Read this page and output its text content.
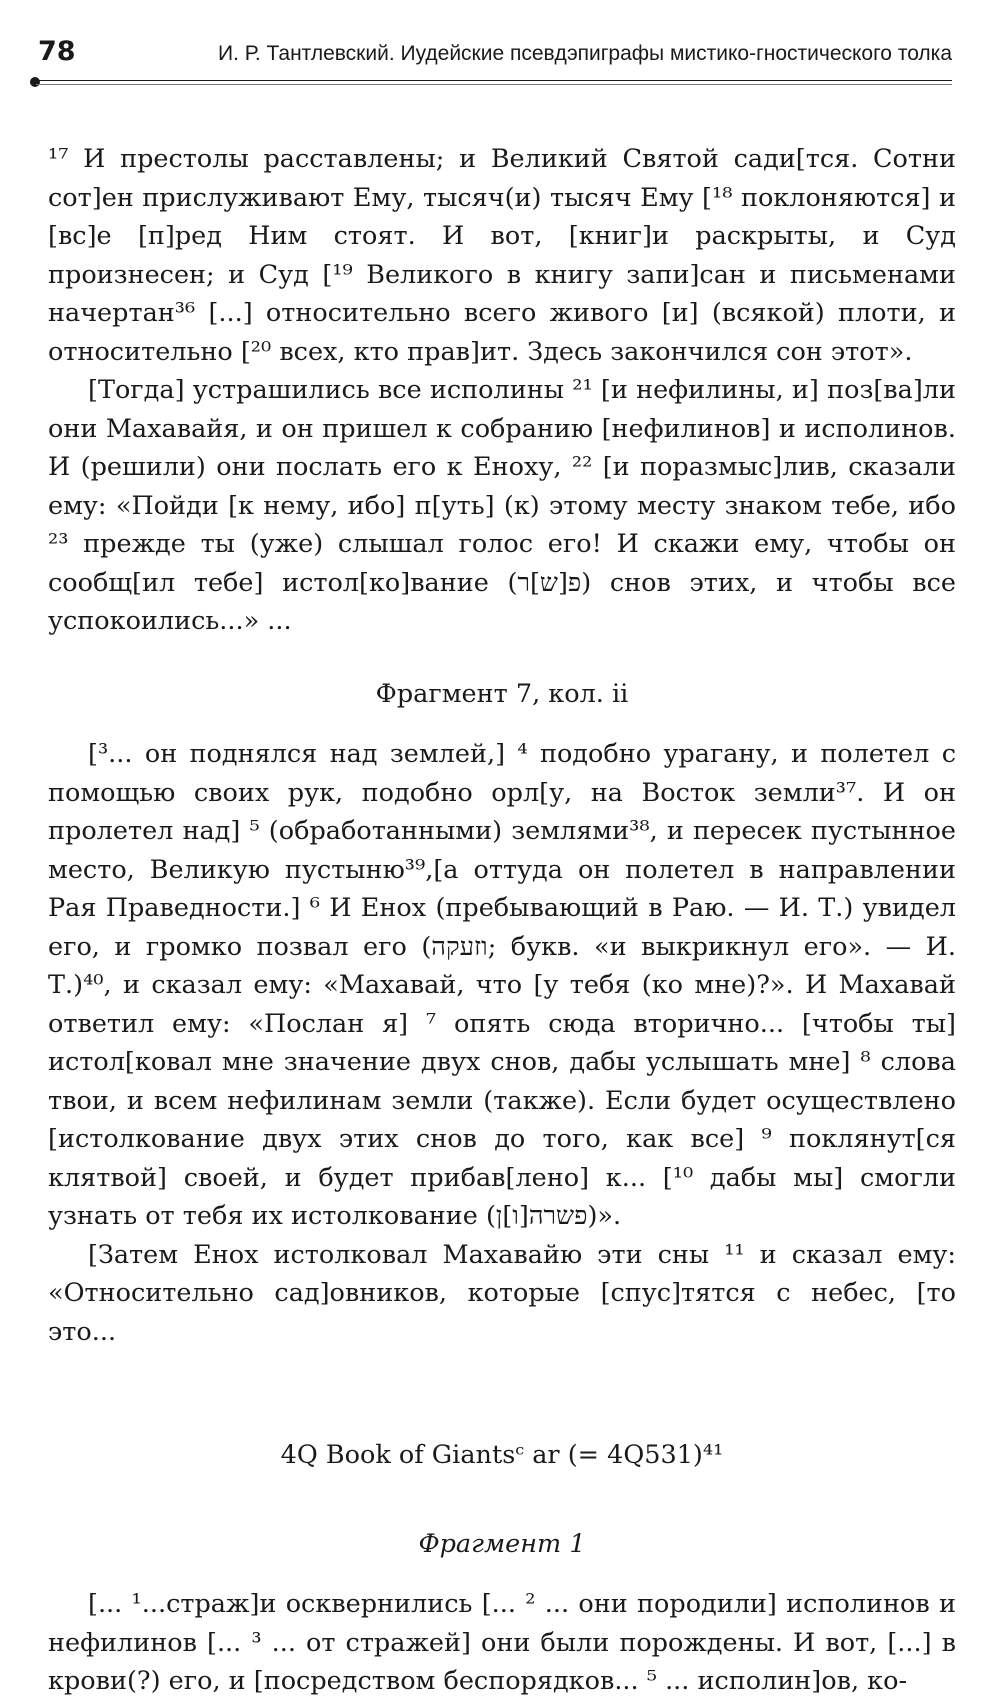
78	И. Р. Тантлевский. Иудейские псевдэпиграфы мистико-гностического толка

¹⁷ И престолы расставлены; и Великий Святой сади[тся. Сотни сот]ен прислуживают Ему, тысяч(и) тысяч Ему [¹⁸ поклоняются] и [вс]е [п]ред Ним стоят. И вот, [книг]и раскрыты, и Суд произнесен; и Суд [¹⁹ Великого в книгу запи]сан и письменами начертан³⁶ [...] относительно всего живого [и] (всякой) плоти, и относительно [²⁰ всех, кто прав]ит. Здесь закончился сон этот».

[Тогда] устрашились все исполины ²¹ [и нефилины, и] поз[ва]ли они Махавайя, и он пришел к собранию [нефилинов] и исполинов. И (решили) они послать его к Еноху, ²² [и поразмыс]лив, сказали ему: «Пойди [к нему, ибо] п[уть] (к) этому месту знаком тебе, ибо ²³ прежде ты (уже) слышал голос его! И скажи ему, чтобы он сообщ[ил тебе] истол[ко]вание (פ[ש]ר) снов этих, и чтобы все успокоились...» ...

Фрагмент 7, кол. ii

[³... он поднялся над землей,] ⁴ подобно урагану, и полетел с помощью своих рук, подобно орл[у, на Восток земли³⁷. И он пролетел над] ⁵ (обработанными) землями³⁸, и пересек пустынное место, Великую пустыню³⁹,[а оттуда он полетел в направлении Рая Праведности.] ⁶ И Енох (пребывающий в Раю. — И. Т.) увидел его, и громко позвал его (וזעקה; букв. «и выкрикнул его». — И. Т.)⁴⁰, и сказал ему: «Махавай, что [у тебя (ко мне)?». И Махавай ответил ему: «Послан я] ⁷ опять сюда вторично... [чтобы ты] истол[ковал мне значение двух снов, дабы услышать мне] ⁸ слова твои, и всем нефилинам земли (также). Если будет осуществлено [истолкование двух этих снов до того, как все] ⁹ поклянут[ся клятвой] своей, и будет прибав[лено] к... [¹⁰ дабы мы] смогли узнать от тебя их истолкование (פשרה[ו]ן)».

[Затем Енох истолковал Махавайю эти сны ¹¹ и сказал ему: «Относительно сад]овников, которые [спус]тятся с небес, [то это...

4Q Book of Giantsᶜ ar (= 4Q531)⁴¹

Фрагмент 1

[... ¹...страж]и осквернились [... ² ... они породили] исполинов и нефилинов [... ³ ... от стражей] они были порождены. И вот, [...] в крови(?) его, и [посредством беспорядков... ⁵ ... исполин]ов, ко-
